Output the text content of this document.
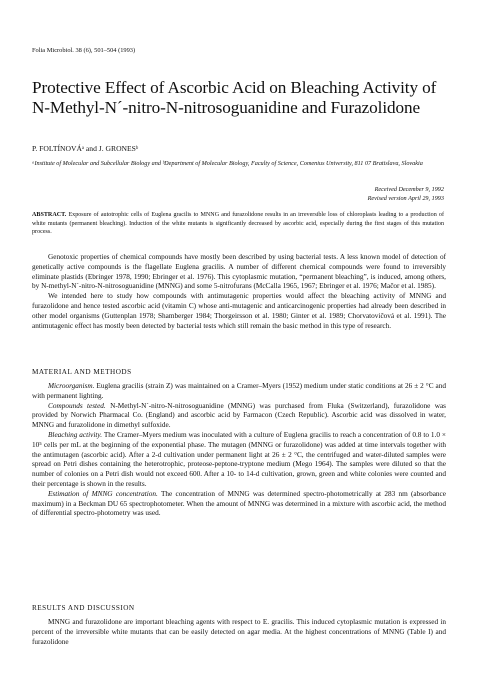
Folia Microbiol. 38 (6), 501–504 (1993)
Protective Effect of Ascorbic Acid on Bleaching Activity of N-Methyl-N´-nitro-N-nitrosoguanidine and Furazolidone
P. FOLTÍNOVÁᵃ and J. GRONESᵇ
ᵃInstitute of Molecular and Subcellular Biology and ᵇDepartment of Molecular Biology, Faculty of Science, Comenius University, 811 07 Bratislava, Slovakia
Received December 9, 1992
Revised version April 29, 1993
ABSTRACT. Exposure of autotrophic cells of Euglena gracilis to MNNG and furazolidone results in an irreversible loss of chloroplasts leading to a production of white mutants (permanent bleaching). Induction of the white mutants is significantly decreased by ascorbic acid, especially during the first stages of this mutation process.

Genotoxic properties of chemical compounds have mostly been described by using bacterial tests. A less known model of detection of genetically active compounds is the flagellate Euglena gracilis. A number of different chemical compounds were found to irreversibly eliminate plastids (Ebringer 1978, 1990; Ebringer et al. 1976). This cytoplasmic mutation, “permanent bleaching”, is induced, among others, by N-methyl-N´-nitro-N-nitrosoguanidine (MNNG) and some 5-nitrofurans (McCalla 1965, 1967; Ebringer et al. 1976; Mačor et al. 1985).

We intended here to study how compounds with antimutagenic properties would affect the bleaching activity of MNNG and furazolidone and hence tested ascorbic acid (vitamin C) whose anti-mutagenic and anticarcinogenic properties had already been described in other model organisms (Guttenplan 1978; Shamberger 1984; Thorgeirsson et al. 1980; Ginter et al. 1989; Chorvatovičová et al. 1991). The antimutagenic effect has mostly been detected by bacterial tests which still remain the basic method in this type of research.

MATERIAL AND METHODS

Microorganism. Euglena gracilis (strain Z) was maintained on a Cramer–Myers (1952) medium under static conditions at 26 ± 2 °C and with permanent lighting.

Compounds tested. N-Methyl-N´-nitro-N-nitrosoguanidine (MNNG) was purchased from Fluka (Switzerland), furazolidone was provided by Norwich Pharmacal Co. (England) and ascorbic acid by Farmacon (Czech Republic). Ascorbic acid was dissolved in water, MNNG and furazolidone in dimethyl sulfoxide.

Bleaching activity. The Cramer–Myers medium was inoculated with a culture of Euglena gracilis to reach a concentration of 0.8 to 1.0 × 10⁵ cells per mL at the beginning of the exponential phase. The mutagen (MNNG or furazolidone) was added at time intervals together with the antimutagen (ascorbic acid). After a 2-d cultivation under permanent light at 26 ± 2 °C, the centrifuged and water-diluted samples were spread on Petri dishes containing the heterotrophic, proteose-peptone-tryptone medium (Mego 1964). The samples were diluted so that the number of colonies on a Petri dish would not exceed 600. After a 10- to 14-d cultivation, grown, green and white colonies were counted and their percentage is shown in the results.

Estimation of MNNG concentration. The concentration of MNNG was determined spectro-photometrically at 283 nm (absorbance maximum) in a Beckman DU 65 spectrophotometer. When the amount of MNNG was determined in a mixture with ascorbic acid, the method of differential spectro-photometry was used.

RESULTS AND DISCUSSION

MNNG and furazolidone are important bleaching agents with respect to E. gracilis. This induced cytoplasmic mutation is expressed in percent of the irreversible white mutants that can be easily detected on agar media. At the highest concentrations of MNNG (Table I) and furazolidone
